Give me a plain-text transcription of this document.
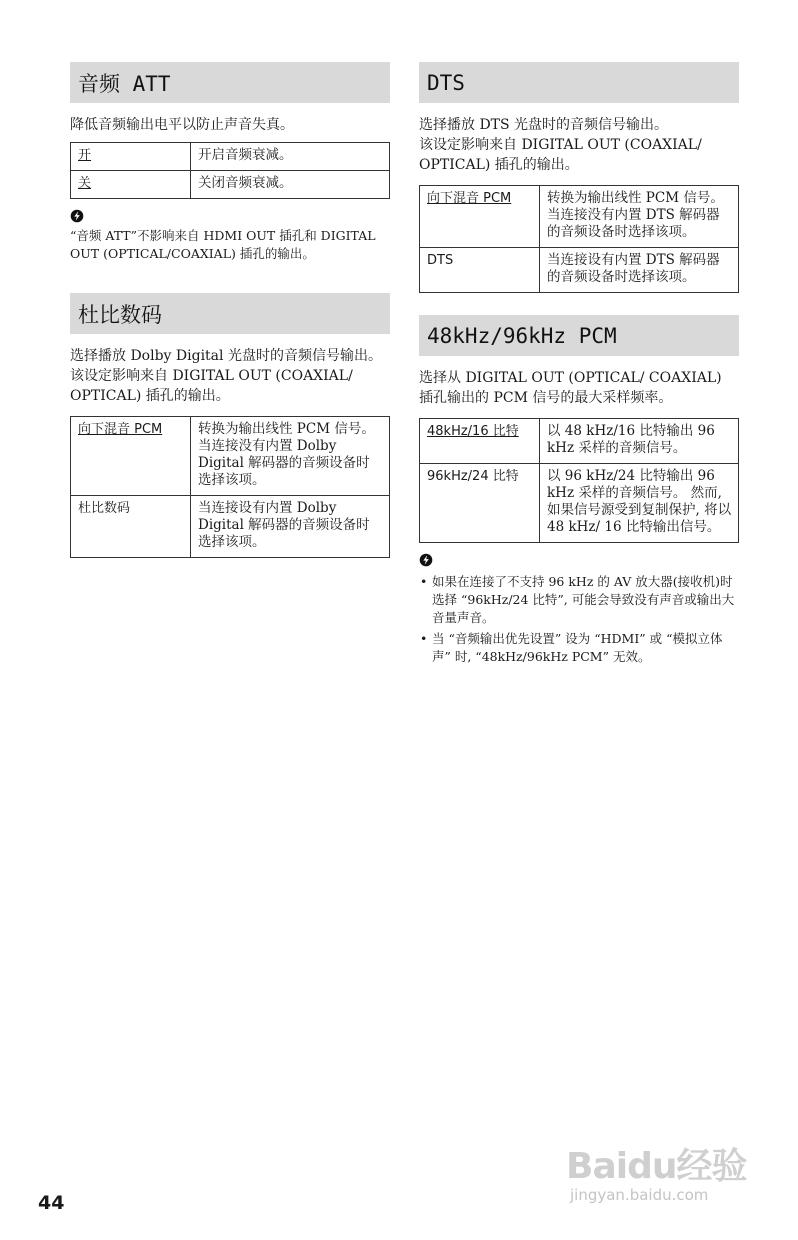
音频 ATT

降低音频输出电平以防止声音失真。

开	开启音频衰减。
关	关闭音频衰减。

“音频 ATT”不影响来自 HDMI OUT 插孔和 DIGITAL OUT (OPTICAL/COAXIAL) 插孔的输出。

杜比数码

选择播放 Dolby Digital 光盘时的音频信号输出。

该设定影响来自 DIGITAL OUT (COAXIAL/ OPTICAL) 插孔的输出。

向下混音 PCM	转换为输出线性 PCM 信号。 当连接没有内置 Dolby Digital 解码器的音频设备时选择该项。
杜比数码	当连接设有内置 Dolby Digital 解码器的音频设备时选择该项。
DTS

选择播放 DTS 光盘时的音频信号输出。

该设定影响来自 DIGITAL OUT (COAXIAL/ OPTICAL) 插孔的输出。

向下混音 PCM	转换为输出线性 PCM 信号。 当连接没有内置 DTS 解码器的音频设备时选择该项。
DTS	当连接设有内置 DTS 解码器的音频设备时选择该项。
48kHz/96kHz PCM

选择从 DIGITAL OUT (OPTICAL/ COAXIAL) 插孔输出的 PCM 信号的最大采样频率。

48kHz/16 比特	以 48 kHz/16 比特输出 96 kHz 采样的音频信号。
96kHz/24 比特	以 96 kHz/24 比特输出 96 kHz 采样的音频信号。 然而, 如果信号源受到复制保护, 将以 48 kHz/ 16 比特输出信号。
• 如果在连接了不支持 96 kHz 的 AV 放大器(接收机)时选择 “96kHz/24 比特”, 可能会导致没有声音或输出大音量声音。
• 当 “音频输出优先设置” 设为 “HDMI” 或 “模拟立体声” 时, “48kHz/96kHz PCM” 无效。
44
Baidu经验
jingyan.baidu.com
